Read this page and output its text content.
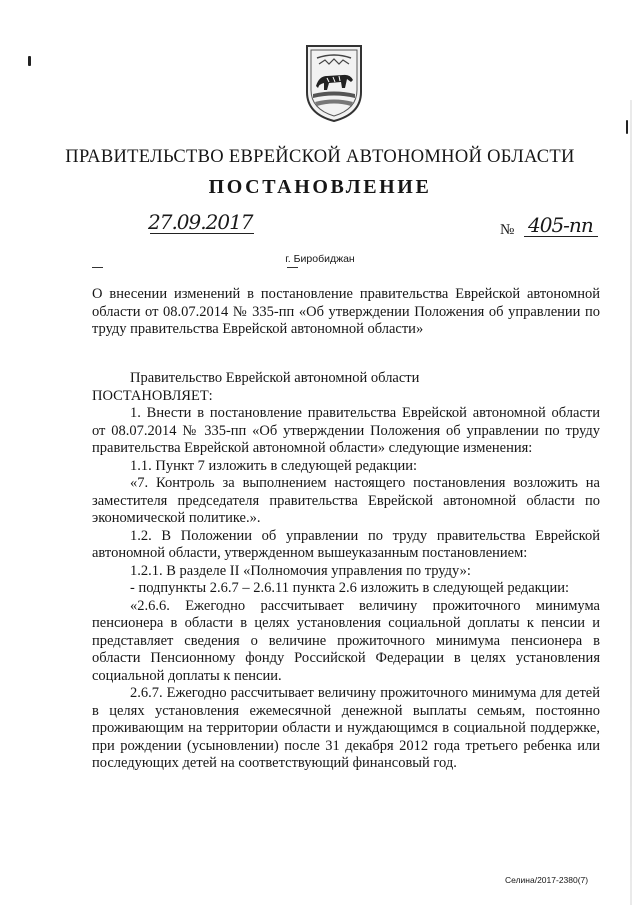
ПРАВИТЕЛЬСТВО ЕВРЕЙСКОЙ АВТОНОМНОЙ ОБЛАСТИ
ПОСТАНОВЛЕНИЕ
27.09.2017	№ 405-пп
г. Биробиджан

О внесении изменений в постановление правительства Еврейской автономной области от 08.07.2014 № 335-пп «Об утверждении Положения об управлении по труду правительства Еврейской автономной области»

Правительство Еврейской автономной области

ПОСТАНОВЛЯЕТ:

1. Внести в постановление правительства Еврейской автономной области от 08.07.2014 № 335-пп «Об утверждении Положения об управлении по труду правительства Еврейской автономной области» следующие изменения:

1.1. Пункт 7 изложить в следующей редакции:

«7. Контроль за выполнением настоящего постановления возложить на заместителя председателя правительства Еврейской автономной области по экономической политике.».

1.2. В Положении об управлении по труду правительства Еврейской автономной области, утвержденном вышеуказанным постановлением:

1.2.1. В разделе II «Полномочия управления по труду»:

- подпункты 2.6.7 – 2.6.11 пункта 2.6 изложить в следующей редакции:

«2.6.6. Ежегодно рассчитывает величину прожиточного минимума пенсионера в области в целях установления социальной доплаты к пенсии и представляет сведения о величине прожиточного минимума пенсионера в области Пенсионному фонду Российской Федерации в целях установления социальной доплаты к пенсии.

2.6.7. Ежегодно рассчитывает величину прожиточного минимума для детей в целях установления ежемесячной денежной выплаты семьям, постоянно проживающим на территории области и нуждающимся в социальной поддержке, при рождении (усыновлении) после 31 декабря 2012 года третьего ребенка или последующих детей на соответствующий финансовый год.

Селина/2017-2380(7)
